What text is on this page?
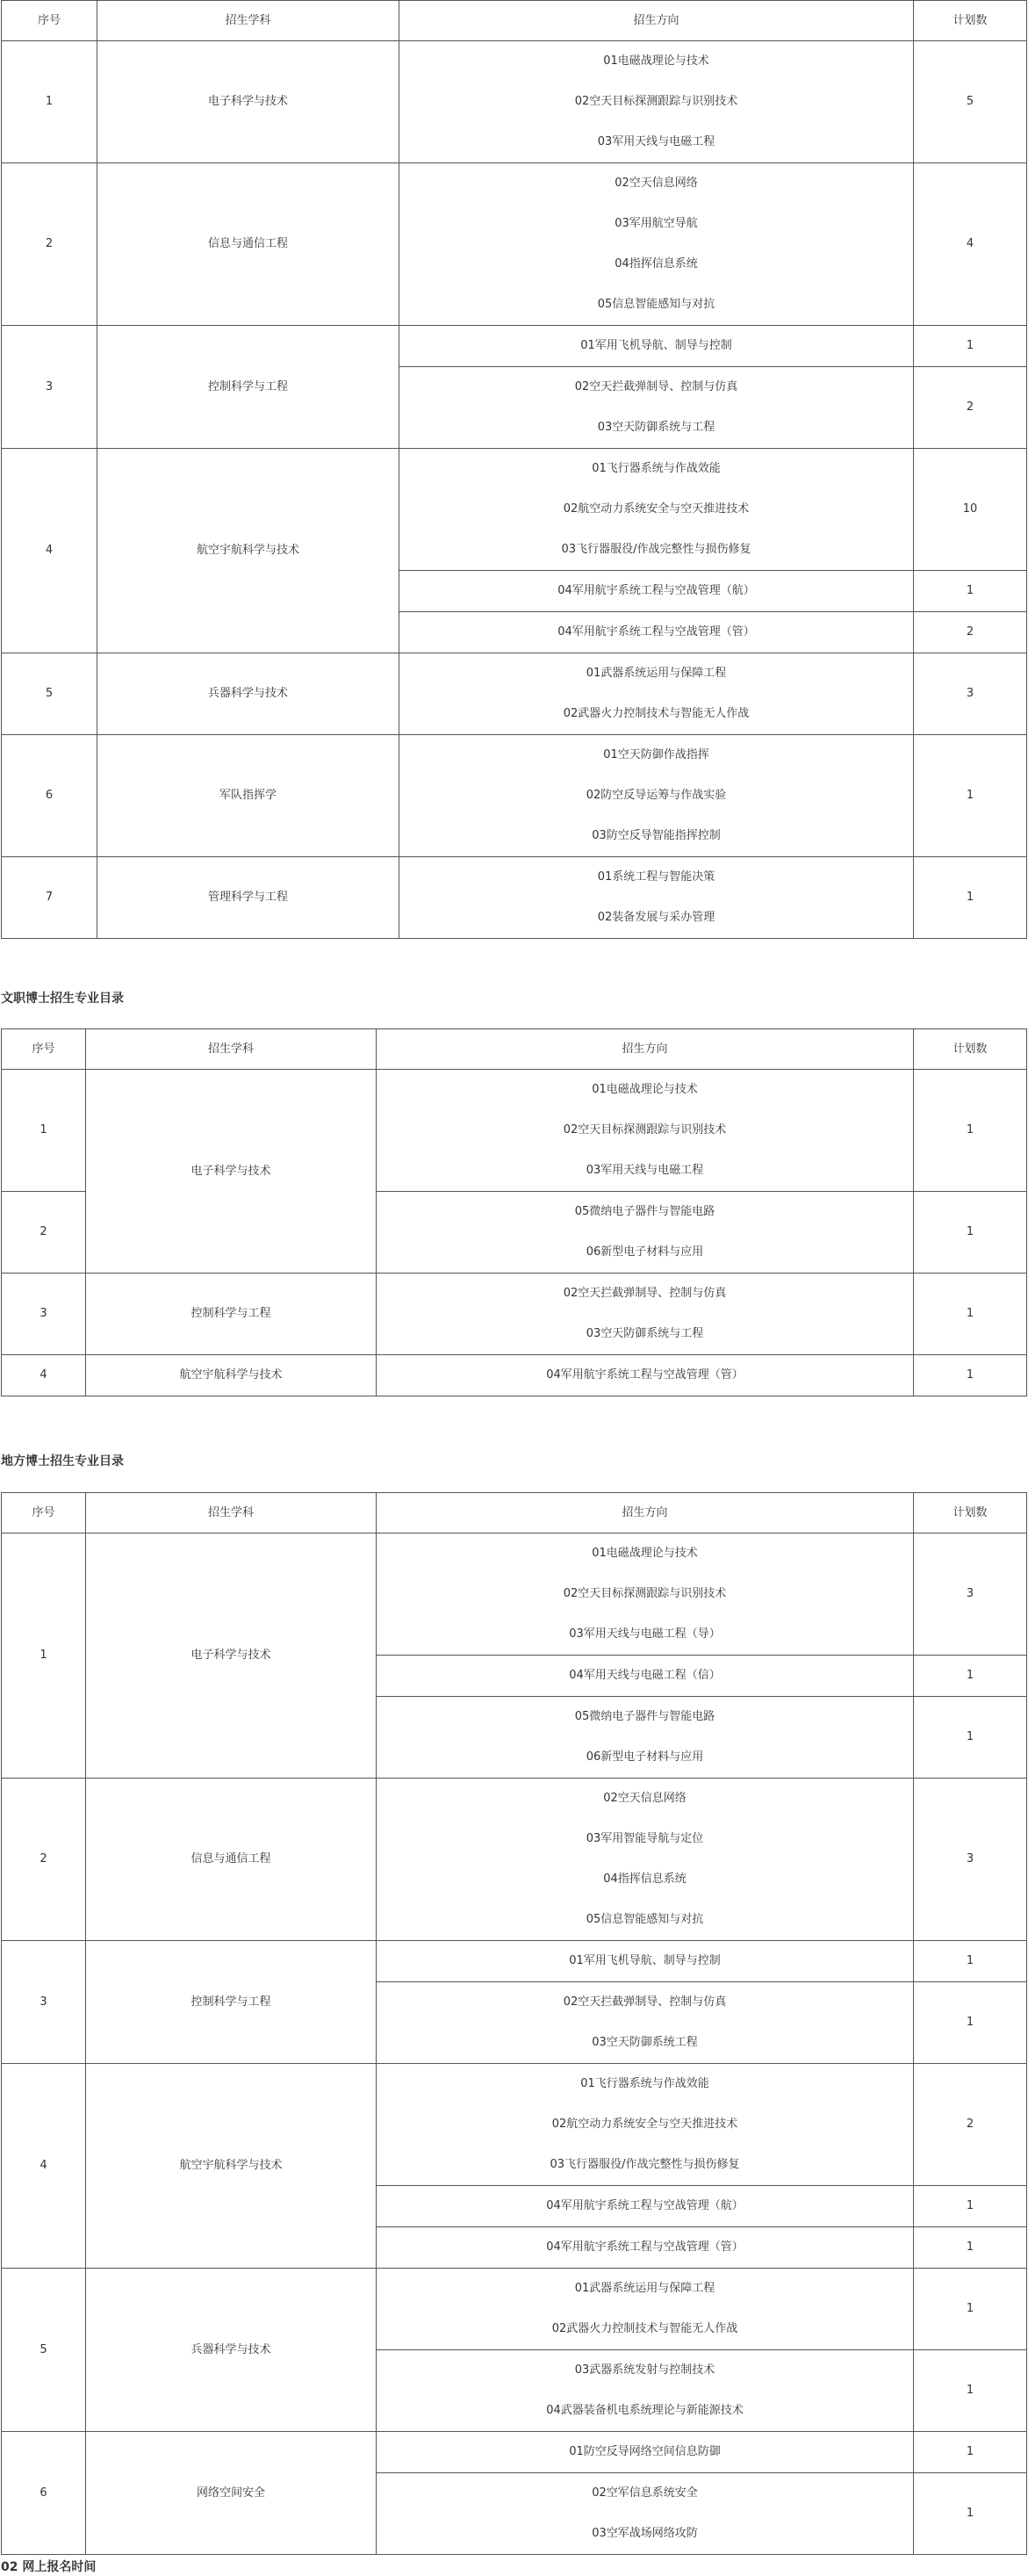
序号	招生学科	招生方向	计划数
1	电子科学与技术	01电磁战理论与技术
02空天目标探测跟踪与识别技术
03军用天线与电磁工程	5
2	信息与通信工程	02空天信息网络
03军用航空导航
04指挥信息系统
05信息智能感知与对抗	4
3	控制科学与工程	01军用飞机导航、制导与控制	1

		02空天拦截弹制导、控制与仿真
03空天防御系统与工程	2
4	航空宇航科学与技术	01飞行器系统与作战效能
02航空动力系统安全与空天推进技术
03飞行器服役/作战完整性与损伤修复	10

		04军用航宇系统工程与空战管理（航）	1

		04军用航宇系统工程与空战管理（管）	2
5	兵器科学与技术	01武器系统运用与保障工程
02武器火力控制技术与智能无人作战	3
6	军队指挥学	01空天防御作战指挥
02防空反导运筹与作战实验
03防空反导智能指挥控制	1
7	管理科学与工程	01系统工程与智能决策
02装备发展与采办管理	1
文职博士招生专业目录
序号	招生学科	招生方向	计划数
1	电子科学与技术	01电磁战理论与技术
02空天目标探测跟踪与识别技术
03军用天线与电磁工程	1
2		05微纳电子器件与智能电路
06新型电子材料与应用	1
3	控制科学与工程	02空天拦截弹制导、控制与仿真
03空天防御系统与工程	1
4	航空宇航科学与技术	04军用航宇系统工程与空战管理（管）	1
地方博士招生专业目录
序号	招生学科	招生方向	计划数
1	电子科学与技术	01电磁战理论与技术
02空天目标探测跟踪与识别技术
03军用天线与电磁工程（导）	3

		04军用天线与电磁工程（信）	1

		05微纳电子器件与智能电路
06新型电子材料与应用	1
2	信息与通信工程	02空天信息网络
03军用智能导航与定位
04指挥信息系统
05信息智能感知与对抗	3
3	控制科学与工程	01军用飞机导航、制导与控制	1

		02空天拦截弹制导、控制与仿真
03空天防御系统工程	1
4	航空宇航科学与技术	01飞行器系统与作战效能
02航空动力系统安全与空天推进技术
03飞行器服役/作战完整性与损伤修复	2

		04军用航宇系统工程与空战管理（航）	1

		04军用航宇系统工程与空战管理（管）	1
5	兵器科学与技术	01武器系统运用与保障工程
02武器火力控制技术与智能无人作战	1

		03武器系统发射与控制技术
04武器装备机电系统理论与新能源技术	1
6	网络空间安全	01防空反导网络空间信息防御	1

		02空军信息系统安全
03空军战场网络攻防	1
02 网上报名时间
